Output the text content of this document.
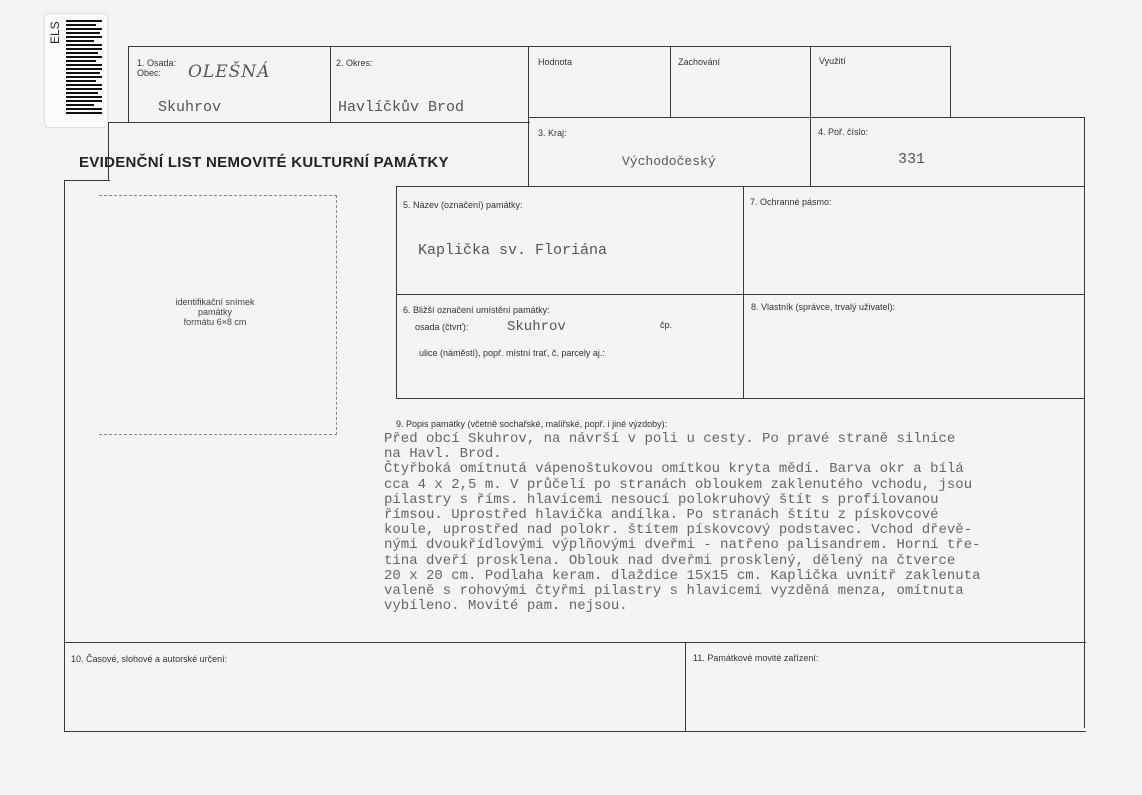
ELS
1. Osada:
Obec: OLEŠNÁ
Skuhrov
2. Okres:
Havlíčkův Brod
Hodnota	Zachování	Využití
EVIDENČNÍ LIST NEMOVITÉ KULTURNÍ PAMÁTKY
3. Kraj:
Východočeský
4. Poř. číslo:
331
identifikační snímek
památky
formátu 6×8 cm
5. Název (označení) památky:
Kaplička sv. Floriána
7. Ochranné pásmo:
6. Bližší označení umístění památky:
osada (čtvrť):	Skuhrov	čp.
ulice (náměstí), popř. místní trať, č. parcely aj.:
8. Vlastník (správce, trvalý uživatel):
9. Popis památky (včetně sochařské, malířské, popř. i jiné výzdoby):
Před obcí Skuhrov, na návrší v poli u cesty. Po pravé straně silnice
na Havl. Brod.
Čtyřboká omítnutá vápenoštukovou omítkou kryta mědí. Barva okr a bílá
cca 4 x 2,5 m. V průčelí po stranách obloukem zaklenutého vchodu, jsou
pilastry s říms. hlavicemi nesoucí polokruhový štít s profilovanou
římsou. Uprostřed hlavička andílka. Po stranách štítu z pískovcové
koule, uprostřed nad polokr. štítem pískovcový podstavec. Vchod dřevě-
nými dvoukřídlovými výplňovými dveřmi - natřeno palisandrem. Horní tře-
tina dveří prosklena. Oblouk nad dveřmi prosklený, dělený na čtverce
20 x 20 cm. Podlaha keram. dlaždice 15x15 cm. Kaplička uvnitř zaklenuta
valeně s rohovými čtyřmi pilastry s hlavicemi vyzděná menza, omítnuta
vybíleno. Movité pam. nejsou.
10. Časové, slohové a autorské určení:	11. Památkové movité zařízení:
